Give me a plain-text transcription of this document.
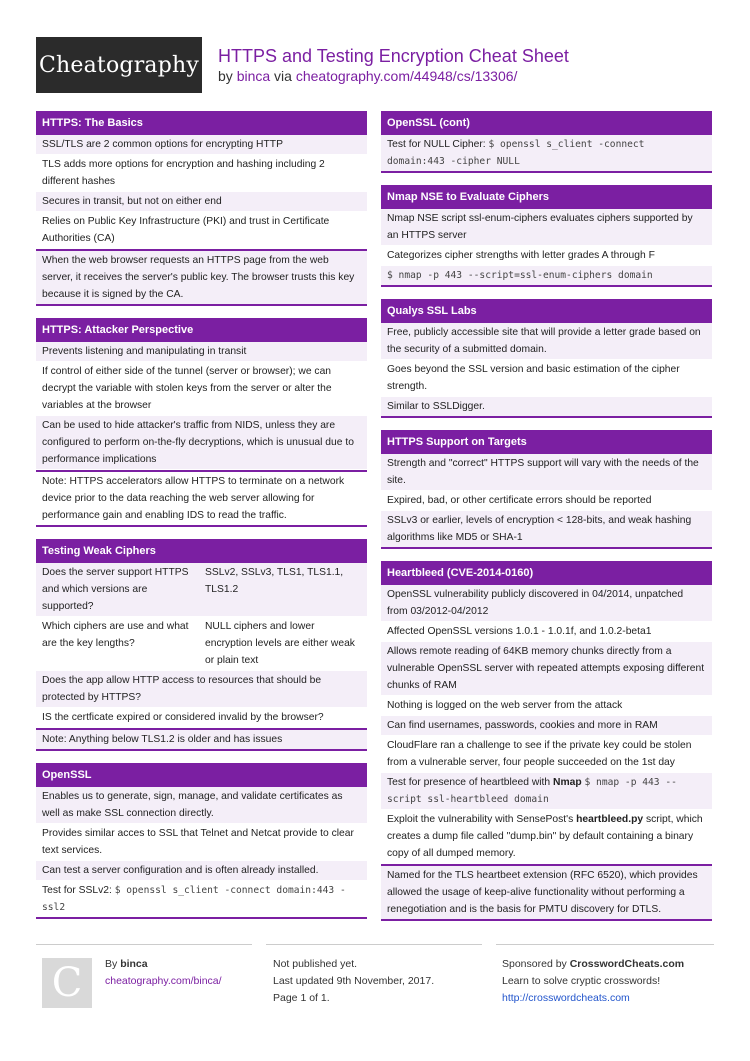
Cheatography HTTPS and Testing Encryption Cheat Sheet
by binca via cheatography.com/44948/cs/13306/
HTTPS: The Basics
SSL/TLS are 2 common options for encrypting HTTP
TLS adds more options for encryption and hashing including 2 different hashes
Secures in transit, but not on either end
Relies on Public Key Infrastructure (PKI) and trust in Certificate Authorities (CA)
When the web browser requests an HTTPS page from the web server, it receives the server's public key. The browser trusts this key because it is signed by the CA.
HTTPS: Attacker Perspective
Prevents listening and manipulating in transit
If control of either side of the tunnel (server or browser); we can decrypt the variable with stolen keys from the server or alter the variables at the browser
Can be used to hide attacker's traffic from NIDS, unless they are configured to perform on-the-fly decryptions, which is unusual due to performance implications
Note: HTTPS accelerators allow HTTPS to terminate on a network device prior to the data reaching the web server allowing for performance gain and enabling IDS to read the traffic.
Testing Weak Ciphers
Does the server support HTTPS and which versions are supported?
SSLv2, SSLv3, TLS1, TLS1.1, TLS1.2
Which ciphers are use and what are the key lengths?
NULL ciphers and lower encryption levels are either weak or plain text
Does the app allow HTTP access to resources that should be protected by HTTPS?
IS the certficate expired or considered invalid by the browser?
Note: Anything below TLS1.2 is older and has issues
OpenSSL
Enables us to generate, sign, manage, and validate certificates as well as make SSL connection directly.
Provides similar acces to SSL that Telnet and Netcat provide to clear text services.
Can test a server configuration and is often already installed.
Test for SSLv2: $ openssl s_client -connect domain:443 -ssl2
OpenSSL (cont)
Test for NULL Cipher: $ openssl s_client -connect domain:443 -cipher NULL
Nmap NSE to Evaluate Ciphers
Nmap NSE script ssl-enum-ciphers evaluates ciphers supported by an HTTPS server
Categorizes cipher strengths with letter grades A through F
$ nmap -p 443 --script=ssl-enum-ciphers domain
Qualys SSL Labs
Free, publicly accessible site that will provide a letter grade based on the security of a submitted domain.
Goes beyond the SSL version and basic estimation of the cipher strength.
Similar to SSLDigger.
HTTPS Support on Targets
Strength and "correct" HTTPS support will vary with the needs of the site.
Expired, bad, or other certificate errors should be reported
SSLv3 or earlier, levels of encryption < 128-bits, and weak hashing algorithms like MD5 or SHA-1
Heartbleed (CVE-2014-0160)
OpenSSL vulnerability publicly discovered in 04/2014, unpatched from 03/2012-04/2012
Affected OpenSSL versions 1.0.1 - 1.0.1f, and 1.0.2-beta1
Allows remote reading of 64KB memory chunks directly from a vulnerable OpenSSL server with repeated attempts exposing different chunks of RAM
Nothing is logged on the web server from the attack
Can find usernames, passwords, cookies and more in RAM
CloudFlare ran a challenge to see if the private key could be stolen from a vulnerable server, four people succeeded on the 1st day
Test for presence of heartbleed with Nmap $ nmap -p 443 --script ssl-heartbleed domain
Exploit the vulnerability with SensePost's heartbleed.py script, which creates a dump file called "dump.bin" by default containing a binary copy of all dumped memory.
Named for the TLS heartbeet extension (RFC 6520), which provides allowed the usage of keep-alive functionality without performing a renegotiation and is the basis for PMTU discovery for DTLS.
C By binca
cheatography.com/binca/
Not published yet.
Last updated 9th November, 2017.
Page 1 of 1.
Sponsored by CrosswordCheats.com
Learn to solve cryptic crosswords!
http://crosswordcheats.com
